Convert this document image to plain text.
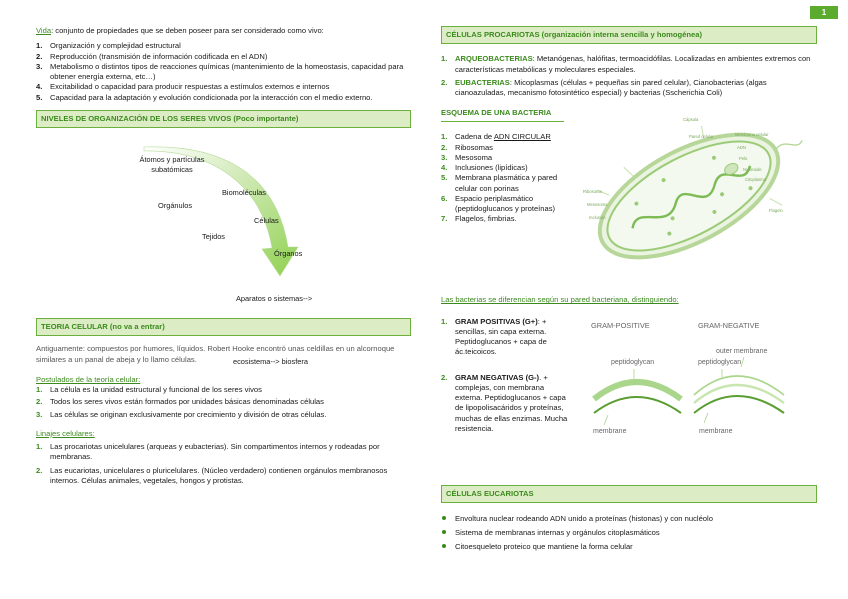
BIOLOGÍA	ORGANIZACIÓN DE LOS SERES VIVOS. PROCARIOTAS, EUCARIOTAS, VIRUS.	Laura Ibáñez Del Campo	1
Vida: conjunto de propiedades que se deben poseer para ser considerado como vivo:
1. Organización y complejidad estructural
2. Reproducción (transmisión de información codificada en el ADN)
3. Metabolismo o distintos tipos de reacciones químicas (mantenimiento de la homeostasis, capacidad para obtener energía externa, etc…)
4. Excitabilidad o capacidad para producir respuestas a estímulos externos e internos
5. Capacidad para la adaptación y evolución condicionada por la interacción con el medio externo.
NIVELES DE ORGANIZACIÓN DE LOS SERES VIVOS (Poco importante)
Átomos y partículas subatómicas
Biomoléculas
Orgánulos
Células
Tejidos
Órganos
Aparatos o sistemas-->
ecosistema--> biosfera
TEORIA CELULAR (no va a entrar)
Antiguamente: compuestos por humores, líquidos. Robert Hooke encontró unas celdillas en un alcornoque similares a un panal de abeja y lo llamo células.
Postulados de la teoría celular:
1. La célula es la unidad estructural y funcional de los seres vivos
2. Todos los seres vivos están formados por unidades básicas denominadas células
3. Las células se originan exclusivamente por crecimiento y división de otras células.
Linajes celulares:
1. Las procariotas unicelulares (arqueas y eubacterias). Sin compartimentos internos y rodeadas por membranas.
2. Las eucariotas, unicelulares o pluricelulares. (Núcleo verdadero) contienen orgánulos membranosos internos. Células animales, vegetales, hongos y protistas.
CÉLULAS PROCARIOTAS (organización interna sencilla y homogénea)
1. ARQUEOBACTERIAS: Metanógenas, halófitas, termoacidófilas. Localizadas en ambientes extremos con características metabólicas y moleculares especiales.
2. EUBACTERIAS: Micoplasmas (células + pequeñas sin pared celular), Cianobacterias (algas cianoazuladas, mecanismo fotosintético especial) y bacterias (Sscherichia Coli)
ESQUEMA DE UNA BACTERIA
1. Cadena de ADN CIRCULAR
2. Ribosomas
3. Mesosoma
4. Inclusiones (lipídicas)
5. Membrana plasmática y pared celular con porinas
6. Espacio periplasmático (peptidoglucanos y proteínas)
7. Flagelos, fimbrias.
Cápsula
Pared celular	Membrana celular
ADN
Pelo
Nucleoide
Citoplasma
Ribosoma
Mesosoma
Inclusión
Flagelo
Las bacterias se diferencian según su pared bacteriana, distinguiendo:
1. GRAM POSITIVAS (G+): + sencillas, sin capa externa. Peptidoglucanos + capa de ác.teicoicos.
2. GRAM NEGATIVAS (G-). + complejas, con membrana externa. Peptidoglucanos + capa de lipopolisacáridos y proteínas, muchas de ellas enzimas. Mucha resistencia.
GRAM-POSITIVE	GRAM-NEGATIVE
peptidoglycan
outer membrane
peptidoglycan
membrane	membrane
CÉLULAS EUCARIOTAS
Envoltura nuclear rodeando ADN unido a proteínas (histonas) y con nucléolo
Sistema de membranas internas y orgánulos citoplasmáticos
Citoesqueleto proteico que mantiene la forma celular
